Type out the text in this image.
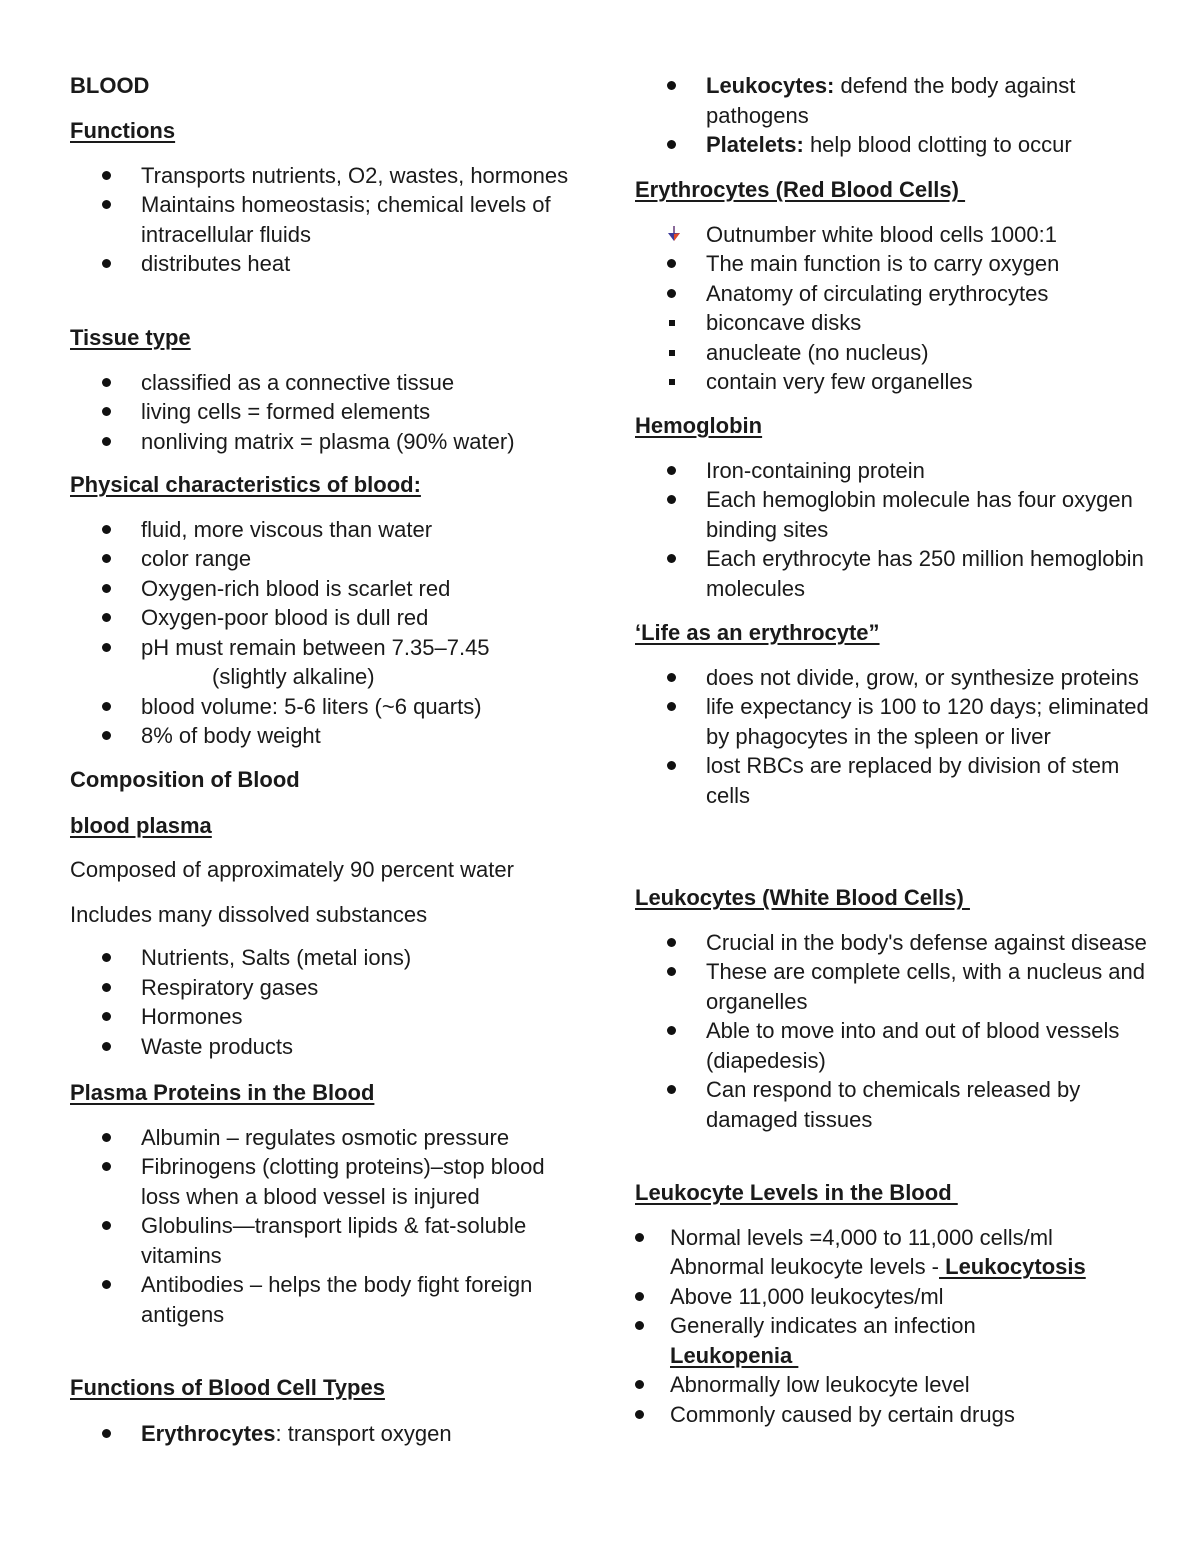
BLOOD

Functions

Transports nutrients, O2, wastes, hormones
Maintains homeostasis; chemical levels of intracellular fluids
distributes heat

Tissue type

classified as a connective tissue
living cells = formed elements
nonliving matrix = plasma (90% water)

Physical characteristics of blood:

fluid, more viscous than water
color range
Oxygen-rich blood is scarlet red
Oxygen-poor blood is dull red
pH must remain between 7.35–7.45
(slightly alkaline)
blood volume: 5-6 liters (~6 quarts)
8% of body weight

Composition of Blood

blood plasma

Composed of approximately 90 percent water

Includes many dissolved substances

Nutrients, Salts (metal ions)
Respiratory gases
Hormones
Waste products

Plasma Proteins in the Blood

Albumin – regulates osmotic pressure
Fibrinogens (clotting proteins)–stop blood loss when a blood vessel is injured
Globulins—transport lipids & fat-soluble vitamins
Antibodies – helps the body fight foreign antigens

Functions of Blood Cell Types

Erythrocytes: transport oxygen
Leukocytes: defend the body against pathogens
Platelets: help blood clotting to occur

Erythrocytes (Red Blood Cells)

Outnumber white blood cells 1000:1
The main function is to carry oxygen
Anatomy of circulating erythrocytes
biconcave disks
anucleate (no nucleus)
contain very few organelles

Hemoglobin

Iron-containing protein
Each hemoglobin molecule has four oxygen binding sites
Each erythrocyte has 250 million hemoglobin molecules

‘Life as an erythrocyte”

does not divide, grow, or synthesize proteins
life expectancy is 100 to 120 days; eliminated by phagocytes in the spleen or liver
lost RBCs are replaced by division of stem cells

Leukocytes (White Blood Cells)

Crucial in the body's defense against disease
These are complete cells, with a nucleus and organelles
Able to move into and out of blood vessels (diapedesis)
Can respond to chemicals released by damaged tissues

Leukocyte Levels in the Blood

Normal levels =4,000 to 11,000 cells/ml
Abnormal leukocyte levels - Leukocytosis
Above 11,000 leukocytes/ml
Generally indicates an infection
Leukopenia
Abnormally low leukocyte level
Commonly caused by certain drugs
